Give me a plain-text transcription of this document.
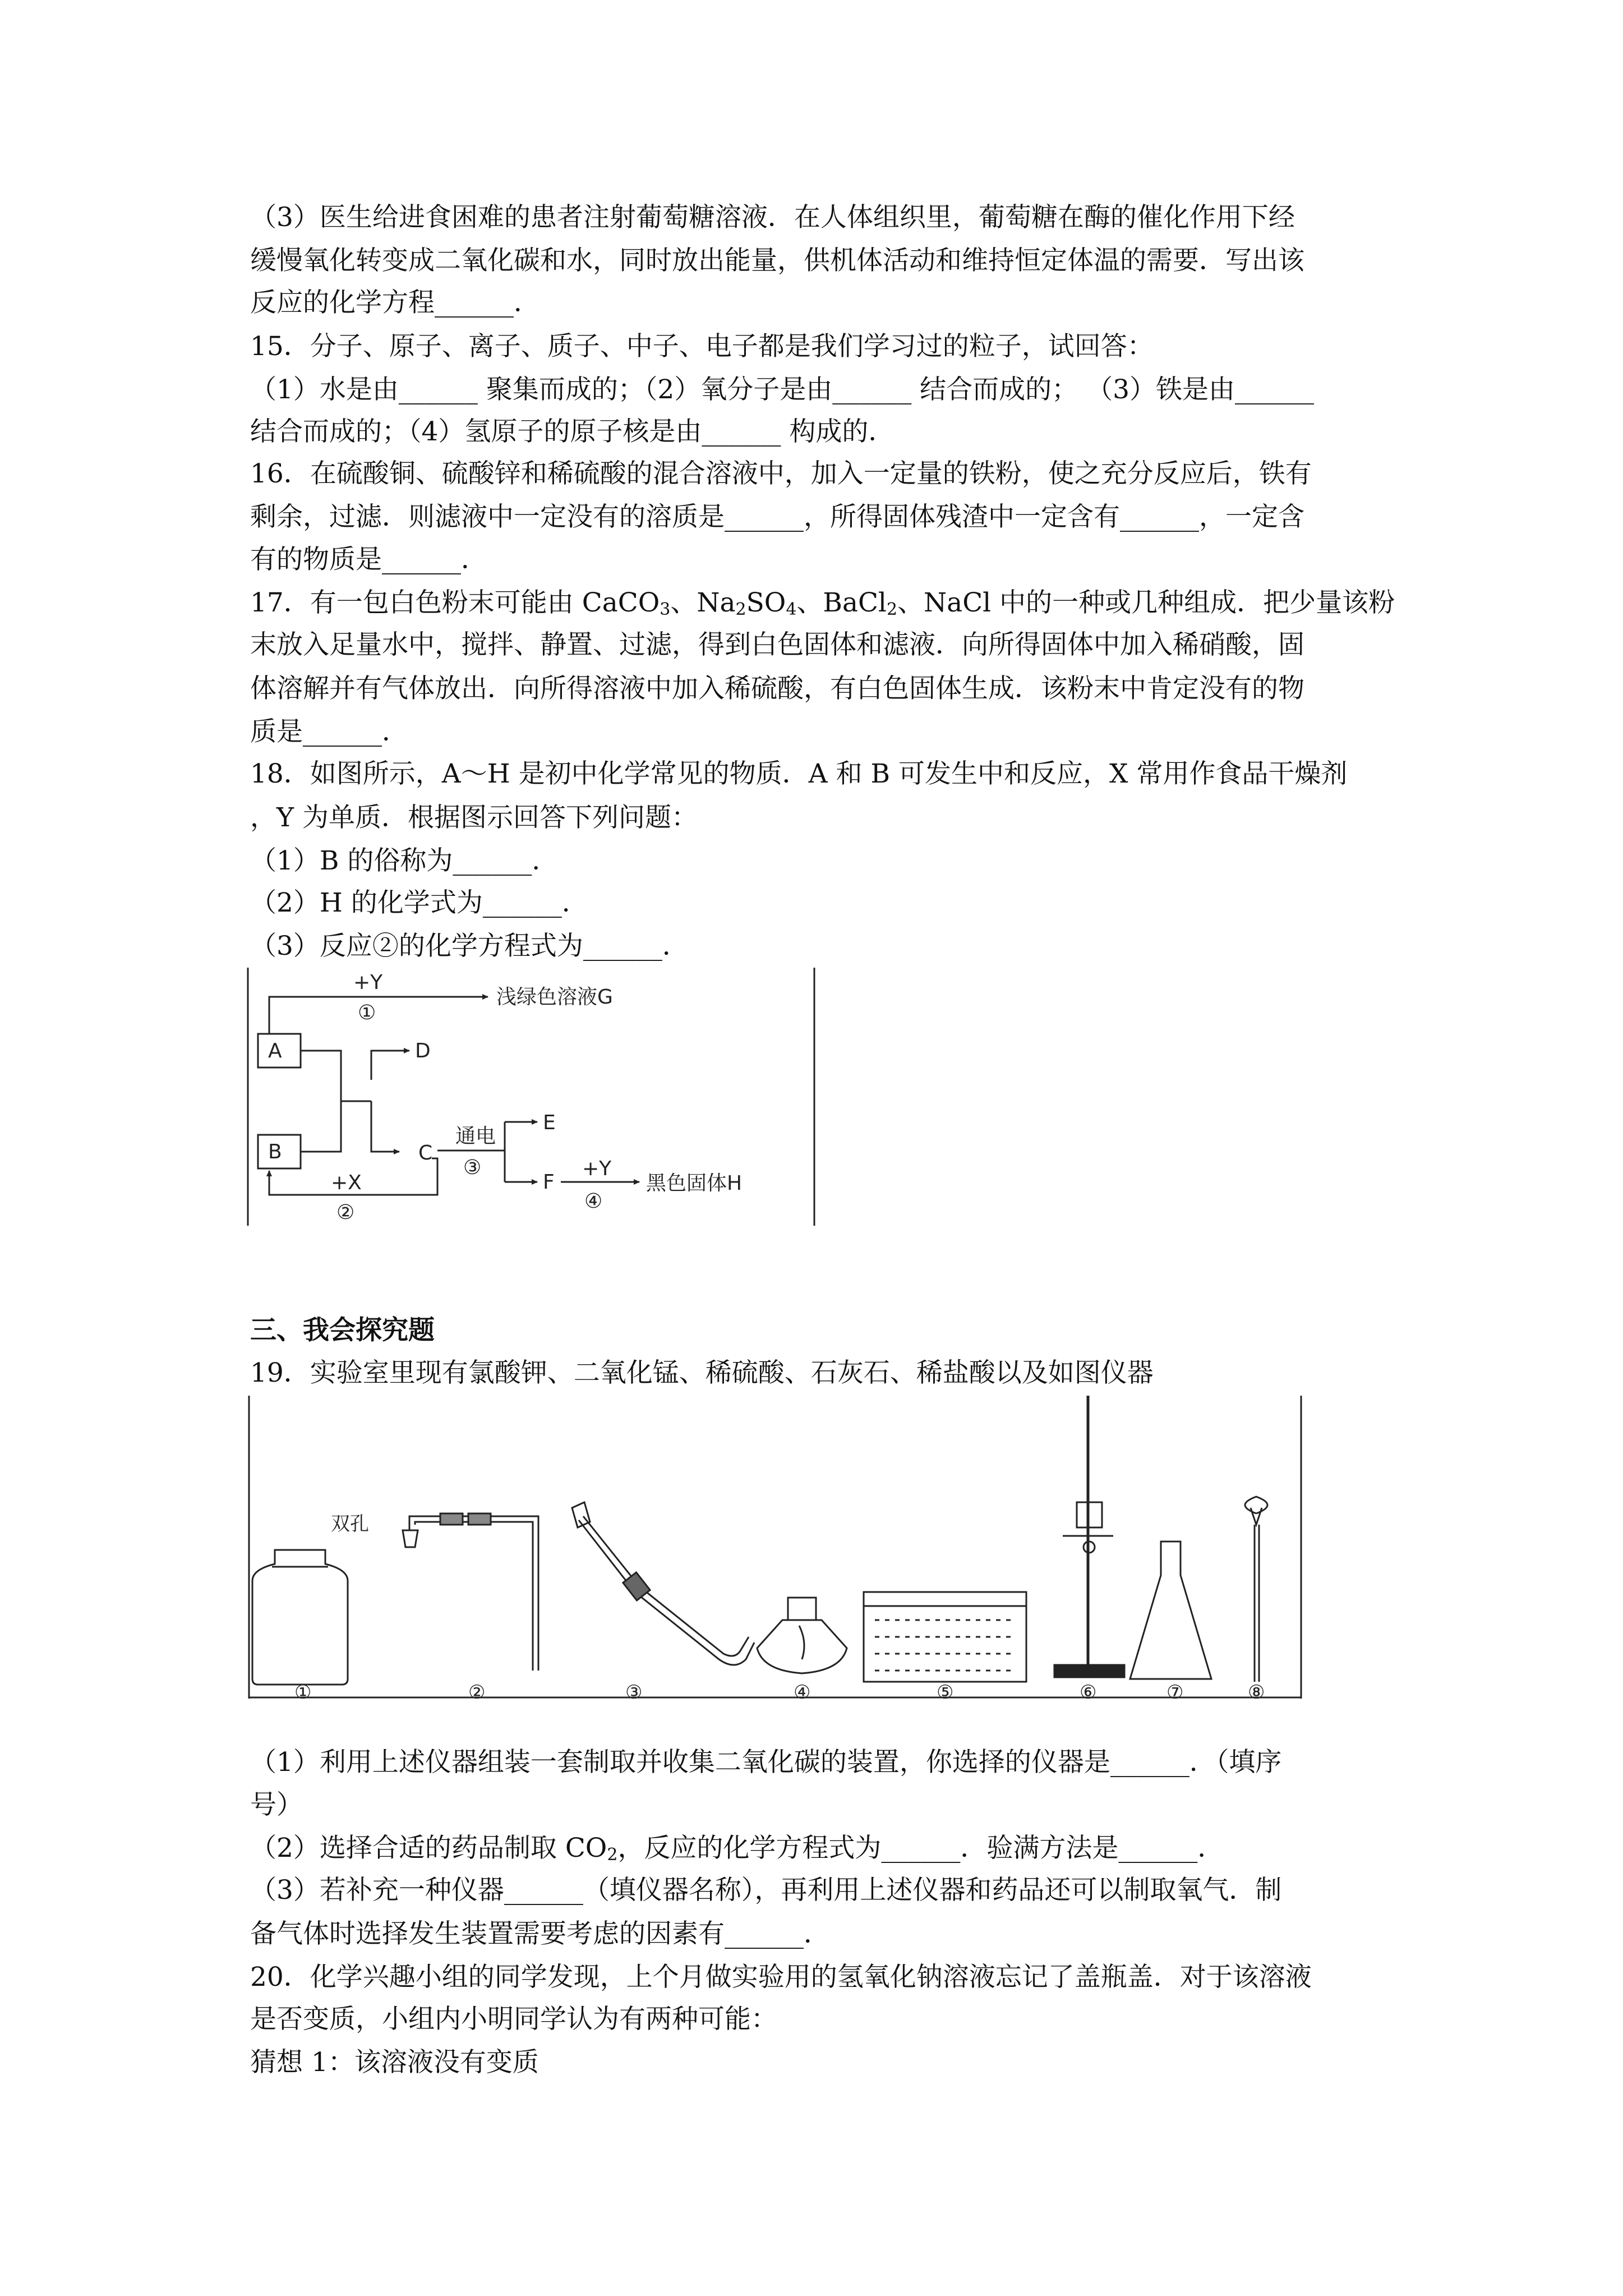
（3）医生给进食困难的患者注射葡萄糖溶液．在人体组织里，葡萄糖在酶的催化作用下经
缓慢氧化转变成二氧化碳和水，同时放出能量，供机体活动和维持恒定体温的需要．写出该
反应的化学方程______．
15．分子、原子、离子、质子、中子、电子都是我们学习过的粒子，试回答：
（1）水是由______ 聚集而成的；（2）氧分子是由______ 结合而成的； （3）铁是由______
结合而成的；（4）氢原子的原子核是由______ 构成的．
16．在硫酸铜、硫酸锌和稀硫酸的混合溶液中，加入一定量的铁粉，使之充分反应后，铁有
剩余，过滤．则滤液中一定没有的溶质是______，所得固体残渣中一定含有______，一定含
有的物质是______．
17．有一包白色粉末可能由 CaCO$_3$、$Na_2SO_4$、BaCl$_2$、NaCl 中的一种或几种组成．把少量该粉
末放入足量水中，搅拌、静置、过滤，得到白色固体和滤液．向所得固体中加入稀硝酸，固
体溶解并有气体放出．向所得溶液中加入稀硫酸，有白色固体生成．该粉末中肯定没有的物
质是______．
18．如图所示，A～H 是初中化学常见的物质．A 和 B 可发生中和反应，X 常用作食品干燥剂
，Y 为单质．根据图示回答下列问题：
（1）B 的俗称为______．
（2）H 的化学式为______．
（3）反应②的化学方程式为______．
A
B
D
C
E
F
+Y
①
+X
②
通电
③	+Y
④
浅绿色溶液G
黑色固体H
三、我会探究题
19．实验室里现有氯酸钾、二氧化锰、稀硫酸、石灰石、稀盐酸以及如图仪器
双孔
①	②	③	④	⑤	⑥	⑦	⑧
（1）利用上述仪器组装一套制取并收集二氧化碳的装置，你选择的仪器是______．（填序
号）
（2）选择合适的药品制取 $CO_2$，反应的化学方程式为______．验满方法是______．
（3）若补充一种仪器______（填仪器名称），再利用上述仪器和药品还可以制取氧气．制
备气体时选择发生装置需要考虑的因素有______．
20．化学兴趣小组的同学发现，上个月做实验用的氢氧化钠溶液忘记了盖瓶盖．对于该溶液
是否变质，小组内小明同学认为有两种可能：
猜想 1：该溶液没有变质
